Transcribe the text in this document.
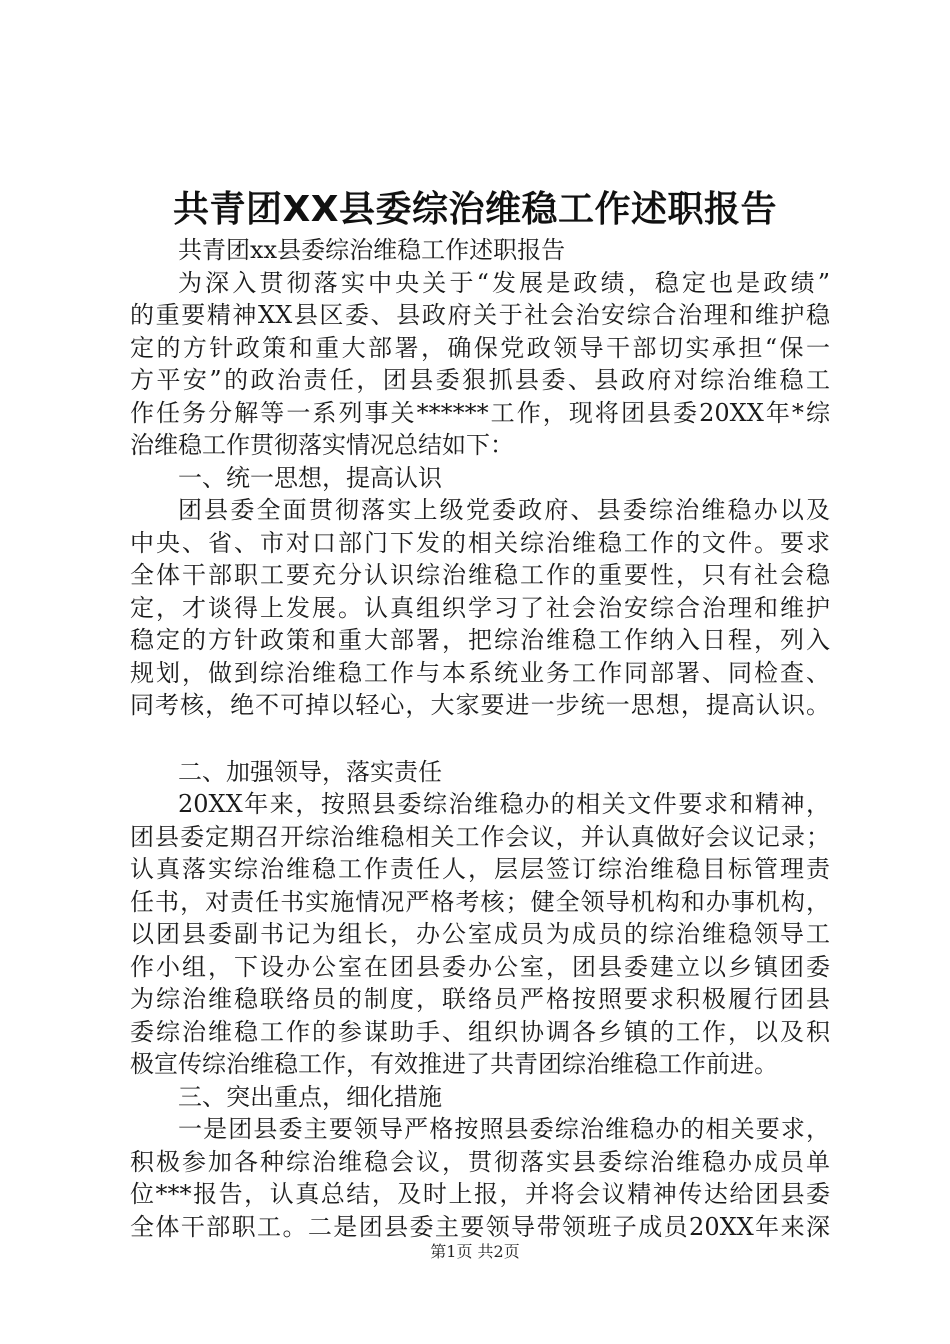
共青团XX县委综治维稳工作述职报告
共青团xx县委综治维稳工作述职报告
为深入贯彻落实中央关于“发展是政绩，稳定也是政绩”
的重要精神XX县区委、县政府关于社会治安综合治理和维护稳
定的方针政策和重大部署，确保党政领导干部切实承担“保一
方平安”的政治责任，团县委狠抓县委、县政府对综治维稳工
作任务分解等一系列事关******工作，现将团县委20XX年*综
治维稳工作贯彻落实情况总结如下：
一、统一思想，提高认识
团县委全面贯彻落实上级党委政府、县委综治维稳办以及
中央、省、市对口部门下发的相关综治维稳工作的文件。要求
全体干部职工要充分认识综治维稳工作的重要性，只有社会稳
定，才谈得上发展。认真组织学习了社会治安综合治理和维护
稳定的方针政策和重大部署，把综治维稳工作纳入日程，列入
规划，做到综治维稳工作与本系统业务工作同部署、同检查、
同考核，绝不可掉以轻心，大家要进一步统一思想，提高认识。
二、加强领导，落实责任
20XX年来，按照县委综治维稳办的相关文件要求和精神，
团县委定期召开综治维稳相关工作会议，并认真做好会议记录；
认真落实综治维稳工作责任人，层层签订综治维稳目标管理责
任书，对责任书实施情况严格考核；健全领导机构和办事机构，
以团县委副书记为组长，办公室成员为成员的综治维稳领导工
作小组，下设办公室在团县委办公室，团县委建立以乡镇团委
为综治维稳联络员的制度，联络员严格按照要求积极履行团县
委综治维稳工作的参谋助手、组织协调各乡镇的工作，以及积
极宣传综治维稳工作，有效推进了共青团综治维稳工作前进。
三、突出重点，细化措施
一是团县委主要领导严格按照县委综治维稳办的相关要求，
积极参加各种综治维稳会议，贯彻落实县委综治维稳办成员单
位***报告，认真总结，及时上报，并将会议精神传达给团县委
全体干部职工。二是团县委主要领导带领班子成员20XX年来深
第1页 共2页
